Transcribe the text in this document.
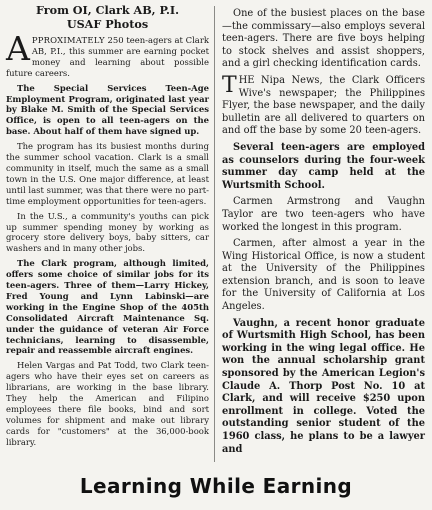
From OI, Clark AB, P.I.
USAF Photos

APPROXIMATELY 250 teen-agers at Clark AB, P.I., this summer are earning pocket money and learning about possible future careers.

The Special Services Teen-Age Employment Program, originated last year by Blake M. Smith of the Special Services Office, is open to all teen-agers on the base. About half of them have signed up.

The program has its busiest months during the summer school vacation. Clark is a small community in itself, much the same as a small town in the U.S. One major difference, at least until last summer, was that there were no part-time employment opportunities for teen-agers.

In the U.S., a community's youths can pick up summer spending money by working as grocery store delivery boys, baby sitters, car washers and in many other jobs.

The Clark program, although limited, offers some choice of similar jobs for its teen-agers. Three of them—Larry Hickey, Fred Young and Lynn Labinski—are working in the Engine Shop of the 405th Consolidated Aircraft Maintenance Sq. under the guidance of veteran Air Force technicians, learning to disassemble, repair and reassemble aircraft engines.

Helen Vargas and Pat Todd, two Clark teen-agers who have their eyes set on careers as librarians, are working in the base library. They help the American and Filipino employees there file books, bind and sort volumes for shipment and make out library cards for "customers" at the 36,000-book library.

One of the busiest places on the base—the commissary—also employs several teen-agers. There are five boys helping to stock shelves and assist shoppers, and a girl checking identification cards.

THE Nipa News, the Clark Officers Wive's newspaper; the Philippines Flyer, the base newspaper, and the daily bulletin are all delivered to quarters on and off the base by some 20 teen-agers.

Several teen-agers are employed as counselors during the four-week summer day camp held at the Wurtsmith School.

Carmen Armstrong and Vaughn Taylor are two teen-agers who have worked the longest in this program.

Carmen, after almost a year in the Wing Historical Office, is now a student at the University of the Philippines extension branch, and is soon to leave for the University of California at Los Angeles.

Vaughn, a recent honor graduate of Wurtsmith High School, has been working in the wing legal office. He won the annual scholarship grant sponsored by the American Legion's Claude A. Thorp Post No. 10 at Clark, and will receive $250 upon enrollment in college. Voted the outstanding senior student of the 1960 class, he plans to be a lawyer and

Learning While Earning
